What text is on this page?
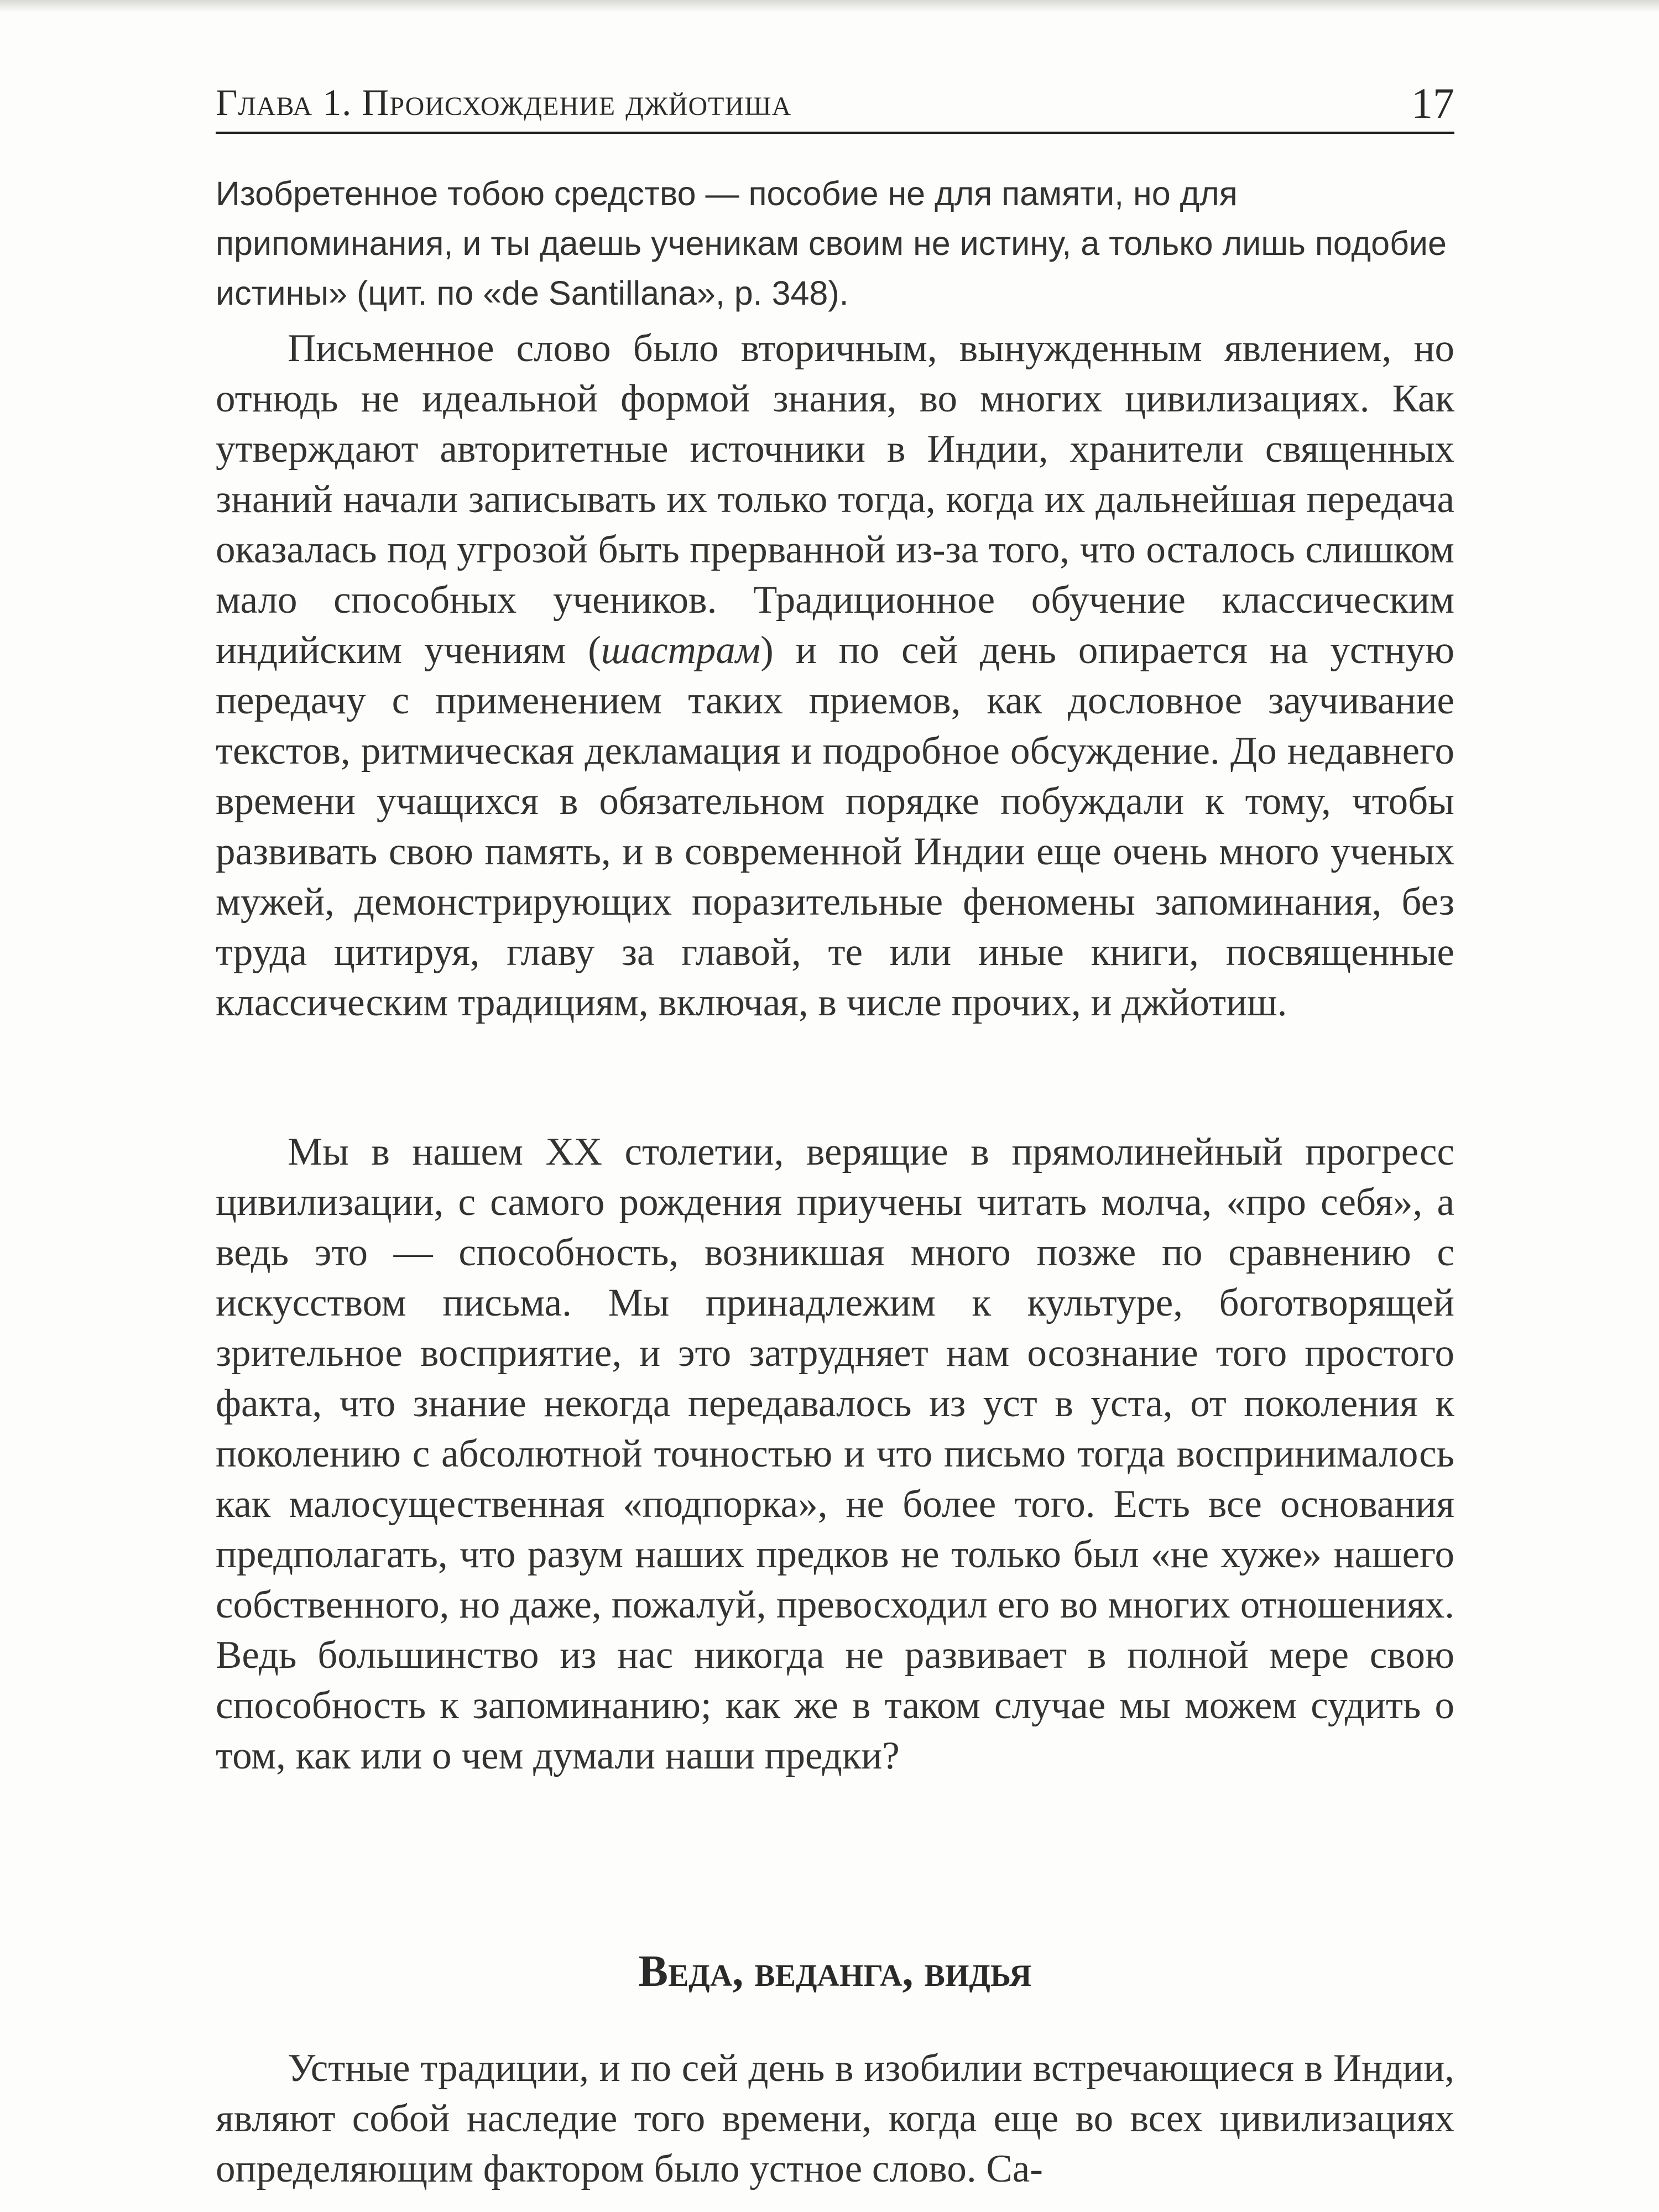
Глава 1. Происхождение джйотиша	17
Изобретенное тобою средство — пособие не для памяти, но для припоминания, и ты даешь ученикам своим не истину, а только лишь подобие истины» (цит. по «de Santillana», р. 348).
Письменное слово было вторичным, вынужденным явлением, но отнюдь не идеальной формой знания, во многих цивилизациях. Как утверждают авторитетные источники в Индии, хранители священных знаний начали записывать их только тогда, когда их дальнейшая передача оказалась под угрозой быть прерванной из-за того, что осталось слишком мало способных учеников. Традиционное обучение классическим индийским учениям (шастрам) и по сей день опирается на устную передачу с применением таких приемов, как дословное заучивание текстов, ритмическая декламация и подробное обсуждение. До недавнего времени учащихся в обязательном порядке побуждали к тому, чтобы развивать свою память, и в современной Индии еще очень много ученых мужей, демонстрирующих поразительные феномены запоминания, без труда цитируя, главу за главой, те или иные книги, посвященные классическим традициям, включая, в числе прочих, и джйотиш.
Мы в нашем XX столетии, верящие в прямолинейный прогресс цивилизации, с самого рождения приучены читать молча, «про себя», а ведь это — способность, возникшая много позже по сравнению с искусством письма. Мы принадлежим к культуре, боготворящей зрительное восприятие, и это затрудняет нам осознание того простого факта, что знание некогда передавалось из уст в уста, от поколения к поколению с абсолютной точностью и что письмо тогда воспринималось как малосущественная «подпорка», не более того. Есть все основания предполагать, что разум наших предков не только был «не хуже» нашего собственного, но даже, пожалуй, превосходил его во многих отношениях. Ведь большинство из нас никогда не развивает в полной мере свою способность к запоминанию; как же в таком случае мы можем судить о том, как или о чем думали наши предки?
Веда, веданга, видья
Устные традиции, и по сей день в изобилии встречающиеся в Индии, являют собой наследие того времени, когда еще во всех цивилизациях определяющим фактором было устное слово. Са-
